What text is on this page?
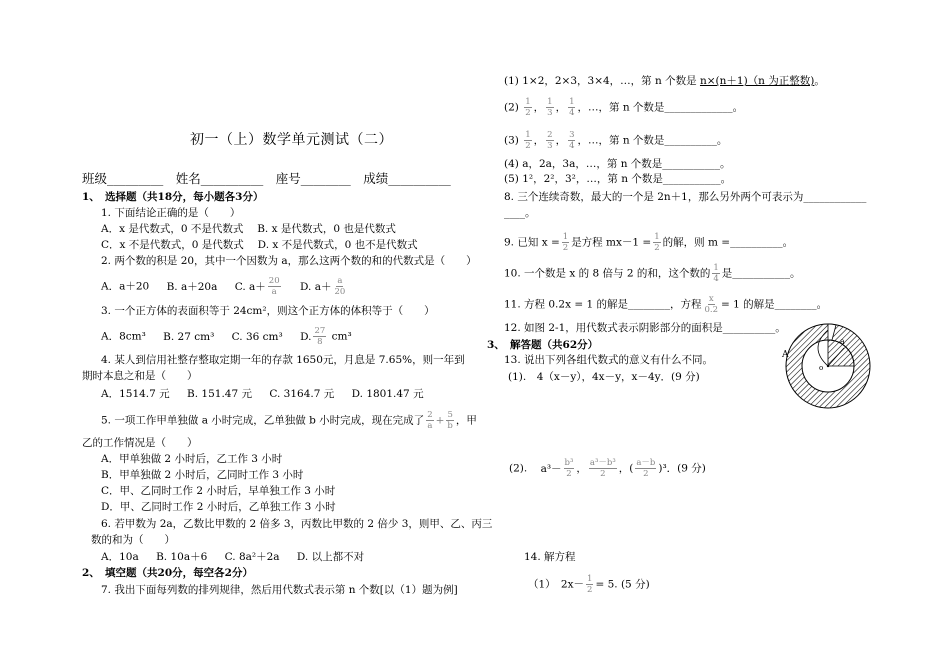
初一（上）数学单元测试（二）
班级_________　姓名__________　座号________　成绩__________
1、　选择题（共18分，每小题各3分）
1. 下面结论正确的是（　　）
A．x 是代数式，0 不是代数式　 B. x 是代数式，0 也是代数式
C．x 不是代数式，0 是代数式　 D. x 不是代数式，0 也不是代数式
2. 两个数的积是 20，其中一个因数为 a，那么这两个数的和的代数式是（　　）
A．a＋20 B. a＋20a C. $a+ \frac{20}{a} D$. $a+ \frac{a}{20}$
3. 一个正方体的表面积等于 24cm²，则这个正方体的体积等于（　　）
A．8cm³ B. 27 cm³ C. 36 cm³ D. $\frac{27}{8} cm^3$
4. 某人到信用社整存整取定期一年的存款 1650元，月息是 7.65%，则一年到
期时本息之和是（　　）
A．1514.7 元 B. 151.47 元 C. 3164.7 元 D. 1801.47 元
5. 一项工作甲单独做 a 小时完成，乙单独做 b 小时完成，现在完成了 $\frac{2}{a} + \frac{5}{b}$ ，甲
乙的工作情况是（　　）
A．甲单独做 2 小时后，乙工作 3 小时
B．甲单独做 2 小时后，乙同时工作 3 小时
C．甲、乙同时工作 2 小时后，早单独工作 3 小时
D．甲、乙同时工作 2 小时后，乙单独工作 3 小时
6. 若甲数为 2a，乙数比甲数的 2 倍多 3，丙数比甲数的 2 倍少 3，则甲、乙、丙三
数的和为（　　）
A．10a B. 10a＋6 C. 8a²＋2a D. 以上都不对
2、　填空题（共20分，每空各2分）
7. 我出下面每列数的排列规律，然后用代数式表示第 n 个数[以（1）题为例]
(1) 1×2，2×3，3×4，…，第 n 个数是 n×(n＋1)（n 为正整数)。
$(2) \frac{1}{2}$ ， $\frac{1}{3}$ ， $\frac{1}{4}$ ，…，第 n 个数是_____________。
$(3) \frac{1}{2}$ ， $\frac{2}{3}$ ， $\frac{3}{4}$ ，…，第 n 个数是__________。
(4) a，2a，3a，…，第 n 个数是___________。
(5) 1²，2²，3²，…，第 n 个数是___________。
8. 三个连续奇数，最大的一个是 2n＋1，那么另外两个可表示为____________
____。
9. 已知 $x = \frac{1}{2}$ 是方程 $mx-1 = \frac{1}{2}$ 的解，则 m =__________。
10. 一个数是 x 的 8 倍与 2 的和，这个数的 $\frac{1}{4}$ 是___________。
11. 方程 0.2x = 1 的解是________，方程 $\frac{x}{0.2} = 1$ 的解是________。
12. 如图 2-1，用代数式表示阴影部分的面积是__________。
3、　解答题（共62分）
13. 说出下列各组代数式的意义有什么不同。
(1).　4（x－y），4x－y，x－4y．(9 分)
(2). $a^3- \frac{\text{b³}}{2}$ ， $\frac{\text{a³－b³}}{2}$ ，( $\frac{a-b}{2} )^3$．(9 分)
14. 解方程
（1）　$2x- \frac{1}{2} = 5$. (5 分)
a
o
A
